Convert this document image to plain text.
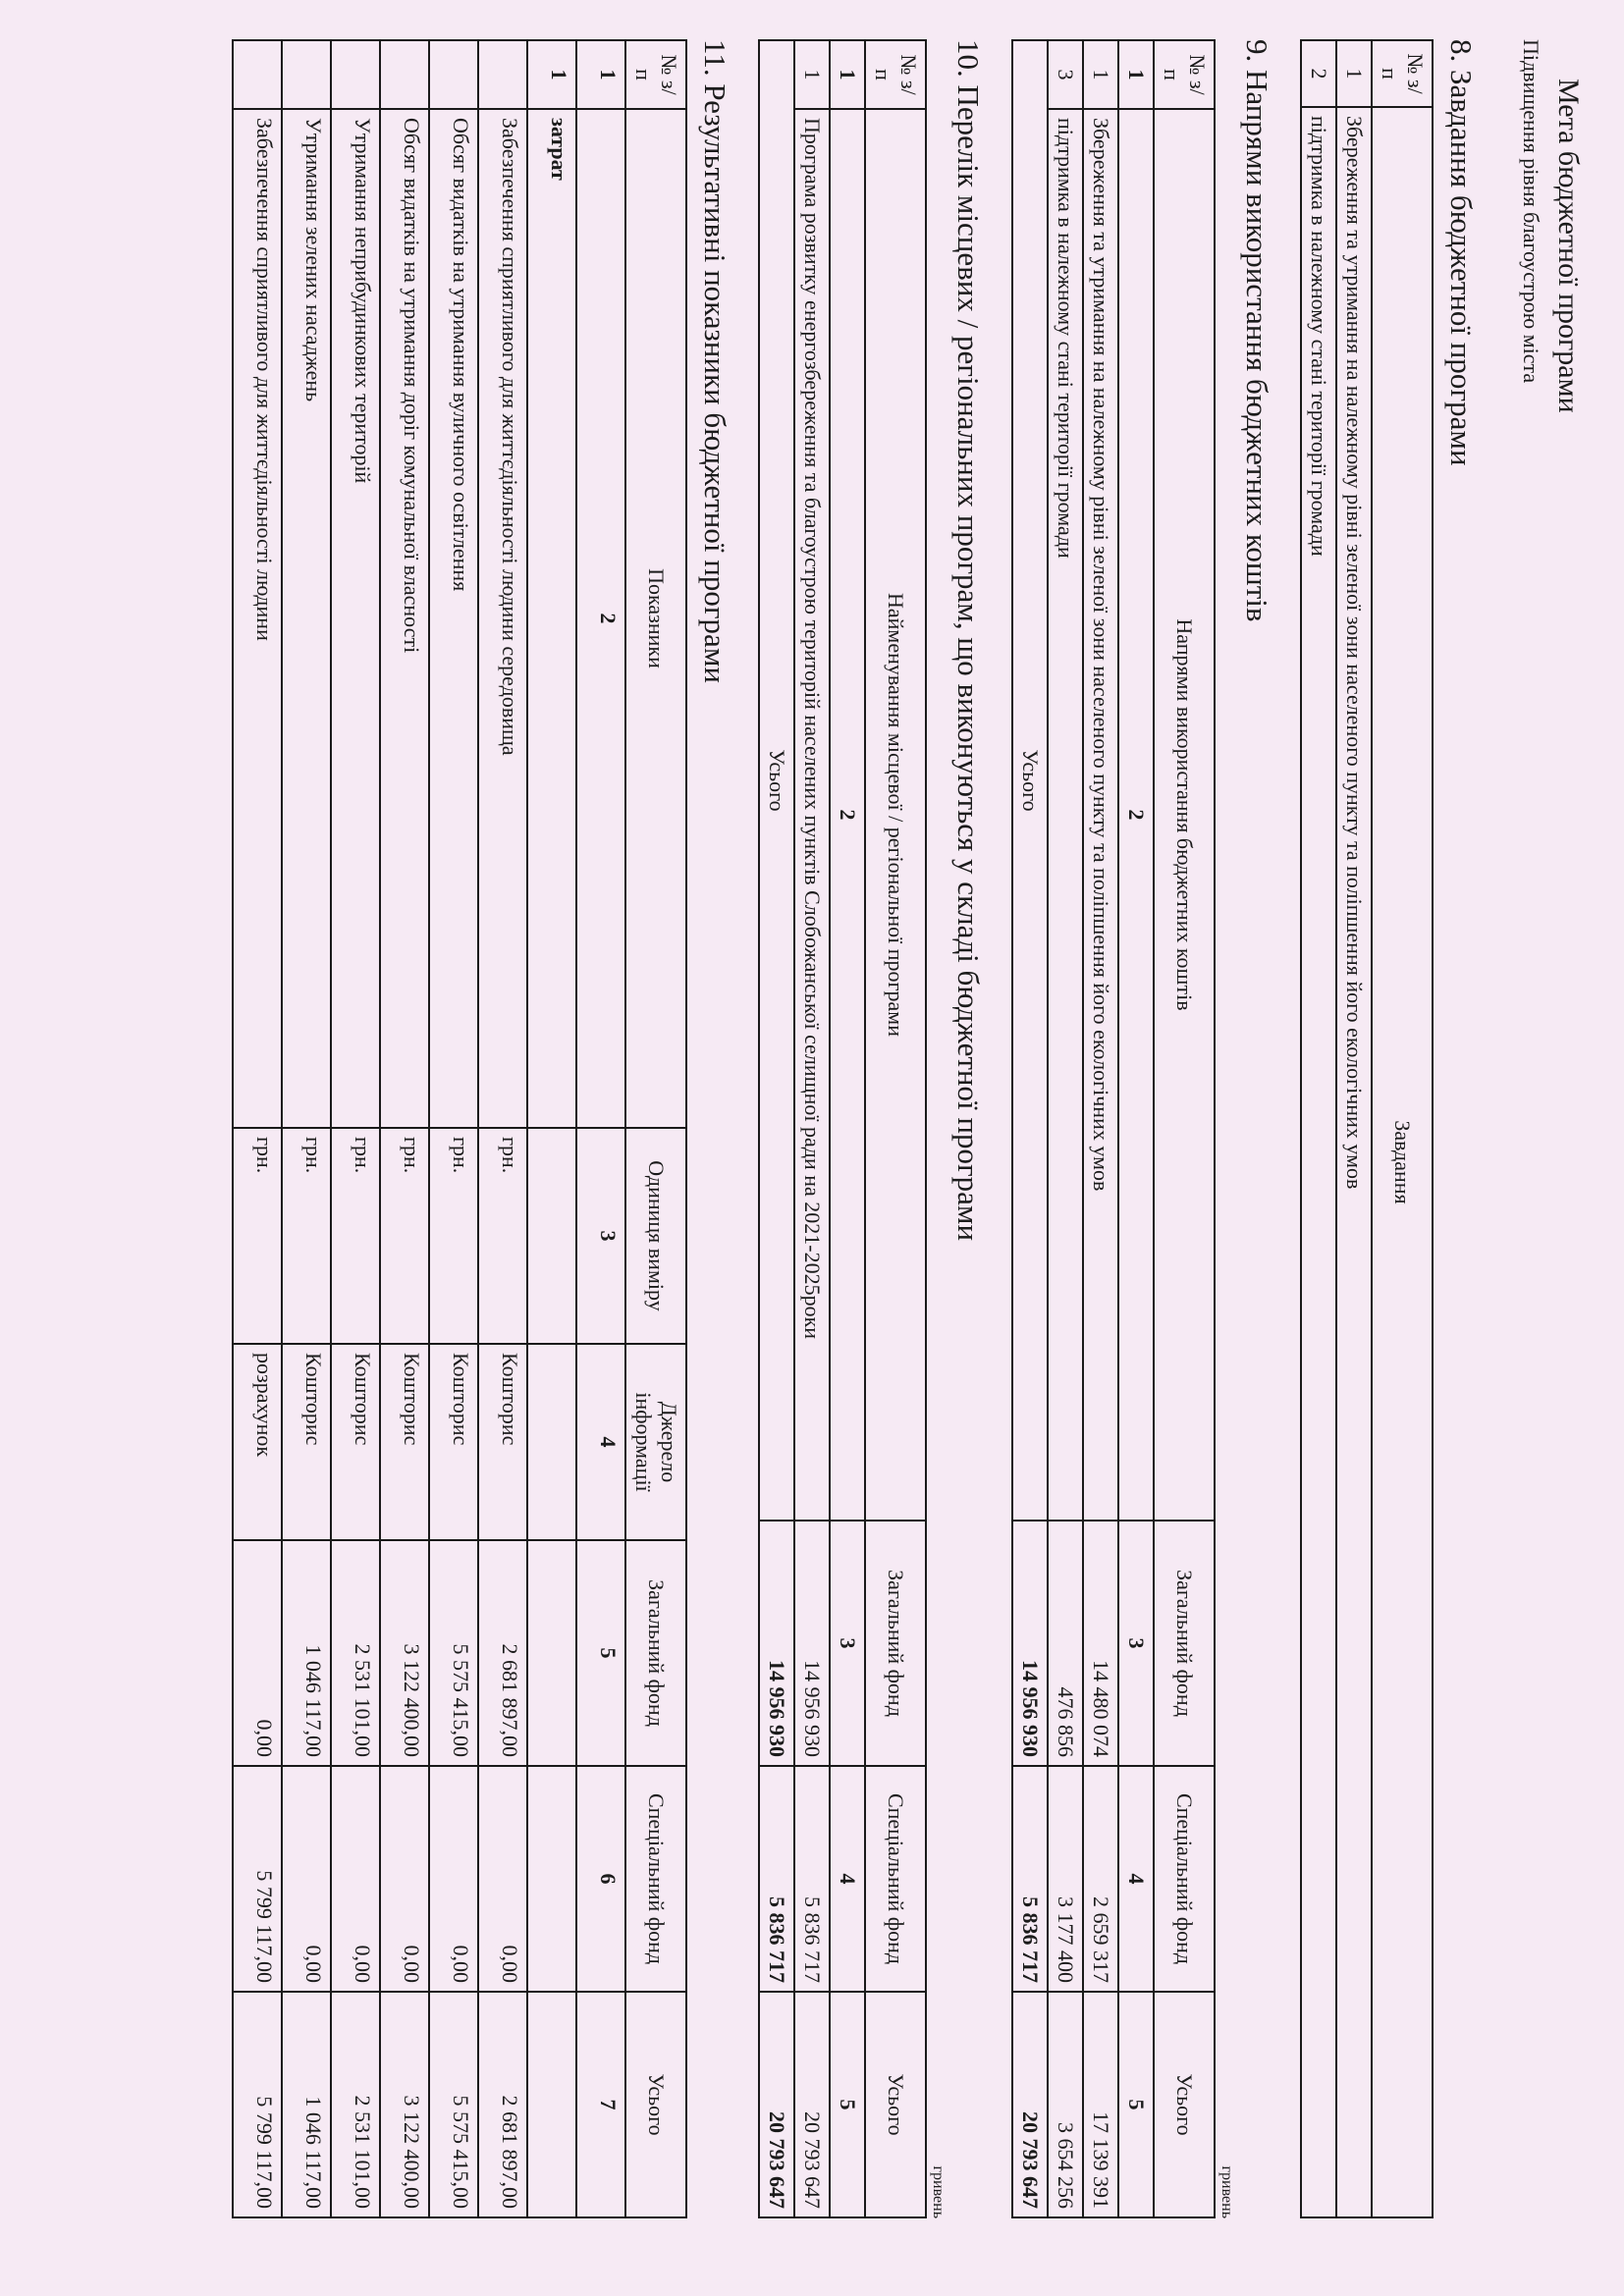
Мета бюджетної програми
Підвищення рівня благоустрою міста
8. Завдання бюджетної програми
№ з/п	Завдання
1	Збереження та утримання на належному рівні зеленої зони населеного пункту та поліпшення його екологічних умов
2	підтримка в належному стані території громади
9. Напрями використання бюджетних коштів
гривень
№ з/п	Напрями використання бюджетних коштів	Загальний фонд	Спеціальний фонд	Усього
1	2	3	4	5
1	Збереження та утримання на належному рівні зеленої зони населеного пункту та поліпшення його екологічних умов	14 480 074	2 659 317	17 139 391
3	підтримка в належному стані території громади	476 856	3 177 400	3 654 256
Усього		14 956 930	5 836 717	20 793 647
10. Перелік місцевих / регіональних програм, що виконуються у складі бюджетної програми
гривень
№ з/п	Найменування місцевої / регіональної програми	Загальний фонд	Спеціальний фонд	Усього
1	2	3	4	5
1	Програма розвитку енергозбереження та благоустрою територій населених пунктів Слобожанської селищної ради на 2021-2025роки	14 956 930	5 836 717	20 793 647
Усього		14 956 930	5 836 717	20 793 647
11. Результативні показники бюджетної програми
№ з/п	Показники	Одиниця виміру	Джерело інформації	Загальний фонд	Спеціальний фонд	Усього
1	2	3	4	5	6	7
1	затрат					
	Забезпечення сприятливого для життєдіяльності людини середовища	грн.	Кошторис	2 681 897,00	0,00	2 681 897,00
	Обсяг видатків на утримання вуличного освітлення	грн.	Кошторис	5 575 415,00	0,00	5 575 415,00
	Обсяг видатків на утримання доріг комунальної власності	грн.	Кошторис	3 122 400,00	0,00	3 122 400,00
	Утримання неприбудинкових територій	грн.	Кошторис	2 531 101,00	0,00	2 531 101,00
	Утримання зелених насаджень	грн.	Кошторис	1 046 117,00	0,00	1 046 117,00
	Забезпечення сприятливого для життєдіяльності людини	грн.	розрахунок	0,00	5 799 117,00	5 799 117,00
